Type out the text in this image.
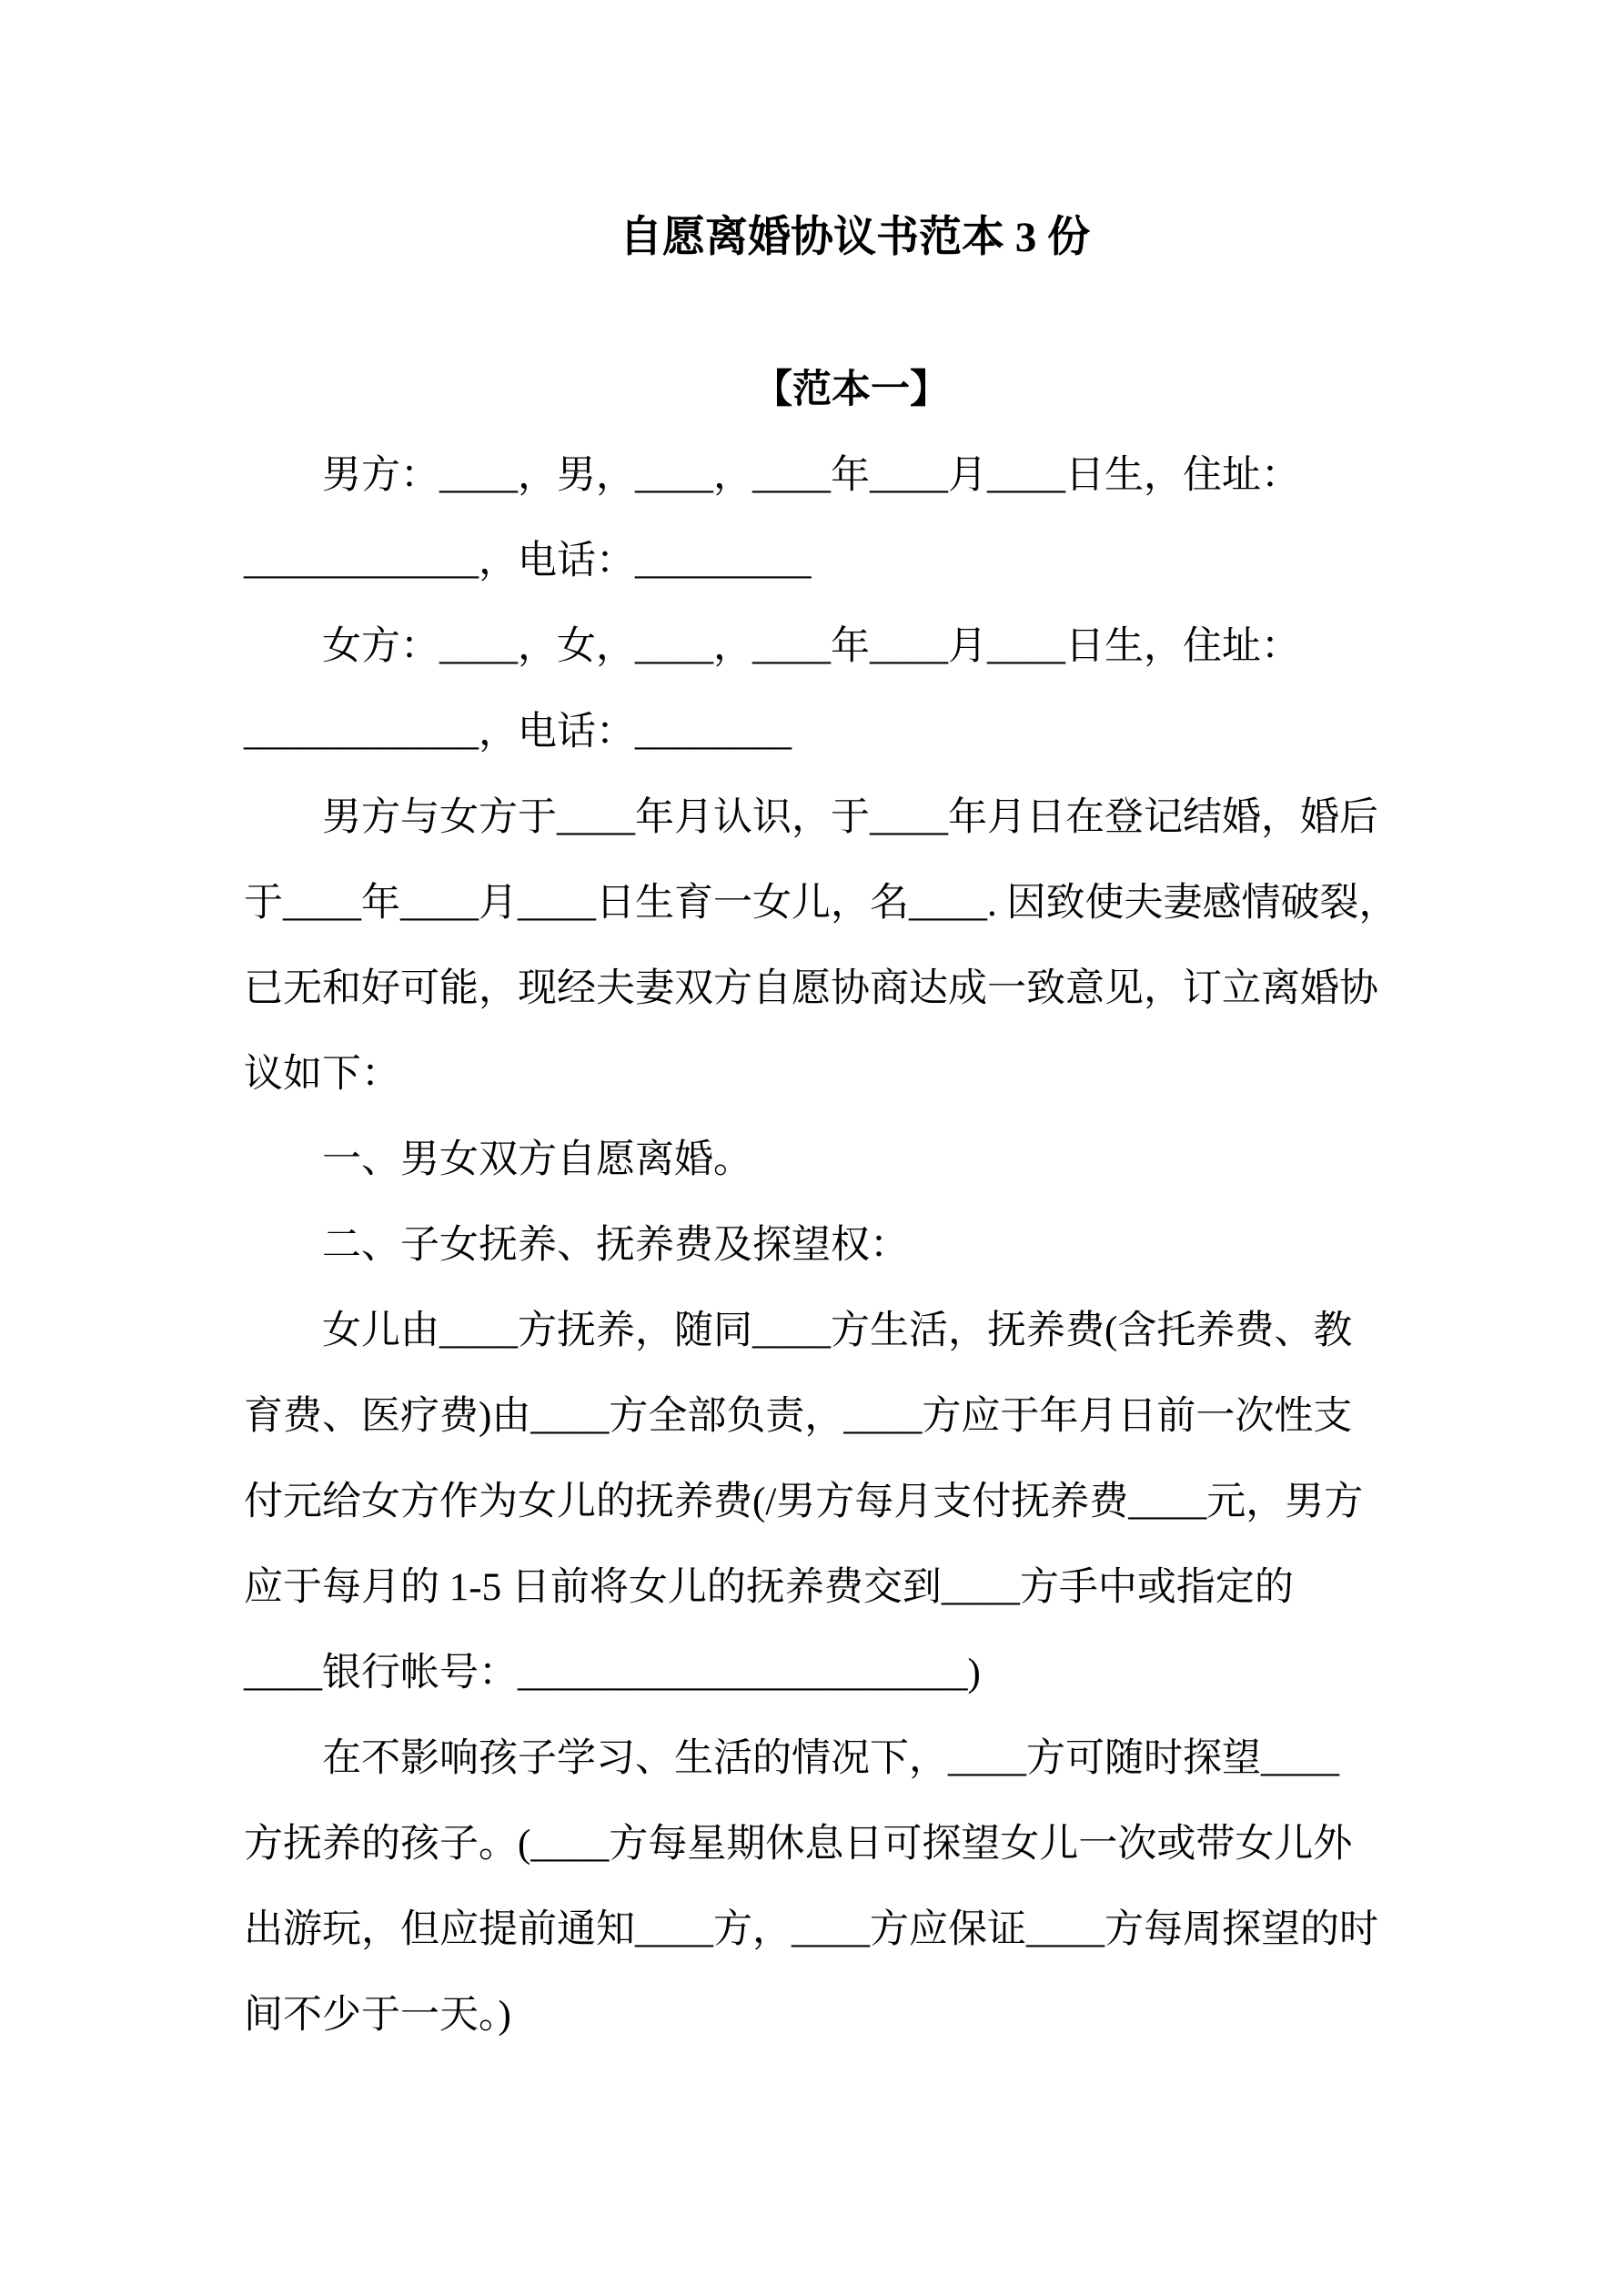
自愿离婚协议书范本 3 份
【范本一】
男方：____，男，____，____年____月____日生，住址：
____________，电话：_________
女方：____，女，____，____年____月____日生，住址：
____________，电话：________
男方与女方于____年月认识，于____年月日在登记结婚，婚后
于____年____月____日生育一女儿，名____. 因致使夫妻感情破裂，
已无和好可能，现经夫妻双方自愿协商达成一致意见，订立离婚协
议如下：
一、男女双方自愿离婚。
二、子女抚养、抚养费及探望权：
女儿由____方抚养，随同____方生活，抚养费(含托养费、教
育费、医疗费)由____方全部负责，____方应于年月日前一次性支
付元给女方作为女儿的抚养费(/男方每月支付抚养费____元，男方
应于每月的 1-5 日前将女儿的抚养费交到____方手中或指定的
____银行帐号：_______________________)
在不影响孩子学习、生活的情况下，____方可随时探望____
方抚养的孩子。(____方每星期休息日可探望女儿一次或带女儿外
出游玩，但应提前通知____方，____方应保证____方每周探望的时
间不少于一天。)
